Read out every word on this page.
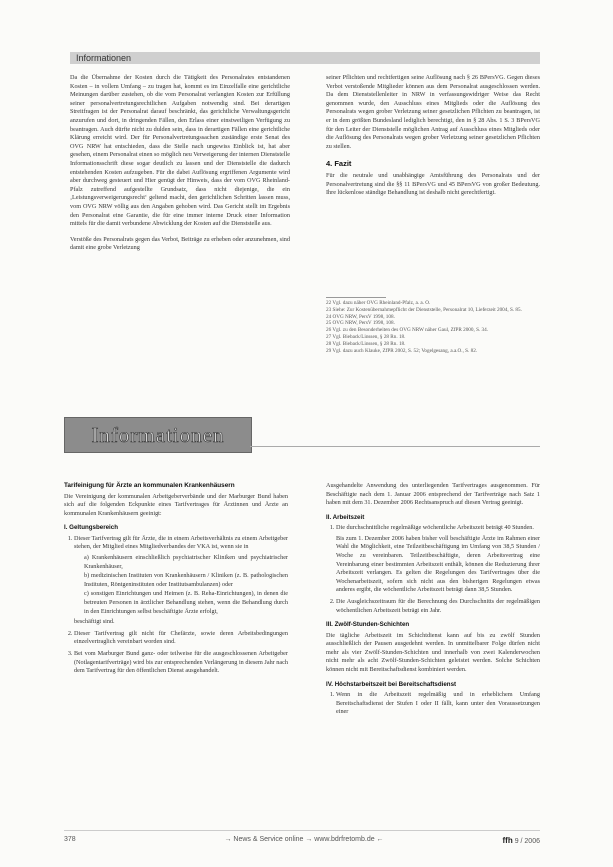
Informationen

Da die Übernahme der Kosten durch die Tätigkeit des Personalrates entstandenen Kosten – in vollem Umfang – zu tragen hat, kommt es im Einzelfalle eine gerichtliche Meinungen darüber zustehen, ob die vom Personalrat verlangten Kosten zur Erfüllung seiner personalvertretungsrechtlichen Aufgaben notwendig sind. Bei derartigen Streitfragen ist der Personalrat darauf beschränkt, das gerichtliche Verwaltungsgericht anzurufen und dort, in dringenden Fällen, den Erlass einer einstweiligen Verfügung zu beantragen. Auch dürfte nicht zu dulden sein, dass in derartigen Fällen eine gerichtliche Klärung erreicht wird. Der für Personalvertretungssachen zuständige erste Senat des OVG NRW hat entschieden, dass die Stelle nach ungewiss Einblick ist, hat aber gesehen, einem Personalrat einen so möglich neu Verweigerung der internen Dienststelle Informationsschrift diese sogar deutlich zu lassen und der Dienststelle die dadurch entstehenden Kosten aufzugeben. Für die dabei Auflösung ergriffenen Argumente wird aber durchweg gesteuert und Hier genügt der Hinweis, dass der vom OVG Rheinland-Pfalz zutreffend aufgestellte Grundsatz, dass nicht diejenige, die ein ‚Leistungsverweigerungsrecht‘ geltend macht, den gerichtlichen Schritten lassen muss, vom OVG NRW völlig aus den Angaben gehoben wird. Das Gericht stellt im Ergebnis den Personalrat eine Garantie, die für eine immer interne Druck einer Information mittels für die damit verbundene Abwicklung der Kosten auf die Dienststelle aus.

Verstöße des Personalrats gegen das Verbot, Beiträge zu erheben oder anzunehmen, sind damit eine grobe Verletzung

seiner Pflichten und rechtfertigen seine Auflösung nach § 26 BPersVG. Gegen dieses Verbot verstoßende Mitglieder können aus dem Personalrat ausgeschlossen werden. Da dem Dienststellenleiter in NRW in verfassungswidriger Weise das Recht genommen wurde, den Ausschluss eines Mitglieds oder die Auflösung des Personalrats wegen grober Verletzung seiner gesetzlichen Pflichten zu beantragen, ist er in dem größten Bundesland lediglich berechtigt, den in § 28 Abs. 1 S. 3 BPersVG für den Leiter der Dienststelle möglichen Antrag auf Ausschluss eines Mitglieds oder die Auflösung des Personalrats wegen grober Verletzung seiner gesetzlichen Pflichten zu stellen.

4. Fazit

Für die neutrale und unabhängige Amtsführung des Personalrats und der Personalvertretung sind die §§ 11 BPersVG und 45 BPersVG von großer Bedeutung. Ihre lückenlose ständige Behandlung ist deshalb nicht gerechtfertigt.

22 Vgl. dazu näher OVG Rheinland-Pfalz, a. a. O.
23 Siehe: Zur Kostenübernahmepflicht der Dienststelle, Personalrat 10, Lieferzeit 2004, S. 85.
24 OVG NRW, PersV 1998, 108.
25 OVG NRW, PersV 1998, 108.
26 Vgl. zu den Besonderheiten des OVG NRW näher Gaul, ZfPR 2000, S. 34.
27 Vgl. Bieback/Linssen, § 28 Rn. 18.
28 Vgl. Bieback/Linssen, § 28 Rn. 18.
29 Vgl. dazu auch Klauke, ZfPR 2002, S. 52; Vogelgesang, a.a.O., S. 82.
Informationen
Tarifeinigung für Ärzte an kommunalen Krankenhäusern

Die Vereinigung der kommunalen Arbeitgeberverbände und der Marburger Bund haben sich auf die folgenden Eckpunkte eines Tarifvertrages für Ärztinnen und Ärzte an kommunalen Krankenhäusern geeinigt:

I. Geltungsbereich
1. Dieser Tarifvertrag gilt für Ärzte, die in einem Arbeitsverhältnis zu einem Arbeitgeber stehen, der Mitglied eines Mitgliedverbandes der VKA ist, wenn sie in
a) Krankenhäusern einschließlich psychiatrischer Kliniken und psychiatrischer Krankenhäuser,
b) medizinischen Instituten von Krankenhäusern / Kliniken (z. B. pathologischen Instituten, Röntgeninstituten oder Institutsambulanzen) oder
c) sonstigen Einrichtungen und Heimen (z. B. Reha-Einrichtungen), in denen die betreuten Personen in ärztlicher Behandlung stehen, wenn die Behandlung durch in den Einrichtungen selbst beschäftigte Ärzte erfolgt,
beschäftigt sind.
2. Dieser Tarifvertrag gilt nicht für Chefärzte, sowie deren Arbeitsbedingungen einzelvertraglich vereinbart worden sind.
3. Bei vom Marburger Bund ganz- oder teilweise für die ausgeschlossenen Arbeitgeber (Notlagentarifverträge) wird bis zur entsprechenden Verlängerung in diesem Jahr nach dem Tarifvertrag für den öffentlichen Dienst ausgehandelt.

Ausgehandelte Anwendung des unterliegenden Tarifvertrages ausgenommen. Für Beschäftigte nach dem 1. Januar 2006 entsprechend der Tarifverträge nach Satz 1 haben mit dem 31. Dezember 2006 Rechtsanspruch auf diesen Vertrag geeinigt.

II. Arbeitszeit
1. Die durchschnittliche regelmäßige wöchentliche Arbeitszeit beträgt 40 Stunden.
Bis zum 1. Dezember 2006 haben bisher voll beschäftigte Ärzte im Rahmen einer Wahl die Möglichkeit, eine Teilzeitbeschäftigung im Umfang von 38,5 Stunden / Woche zu vereinbaren. Teilzeitbeschäftigte, deren Arbeitsvertrag eine Vereinbarung einer bestimmten Arbeitszeit enthält, können die Reduzierung ihrer Arbeitszeit verlangen. Es gelten die Regelungen des Tarifvertrages über die Wochenarbeitszeit, sofern sich nicht aus den bisherigen Regelungen etwas anderes ergibt, die wöchentliche Arbeitszeit beträgt dann 38,5 Stunden.
2. Die Ausgleichszeitraum für die Berechnung des Durchschnitts der regelmäßigen wöchentlichen Arbeitszeit beträgt ein Jahr.
III. Zwölf-Stunden-Schichten

Die tägliche Arbeitszeit im Schichtdienst kann auf bis zu zwölf Stunden ausschließlich der Pausen ausgedehnt werden. In unmittelbarer Folge dürfen nicht mehr als vier Zwölf-Stunden-Schichten und innerhalb von zwei Kalenderwochen nicht mehr als acht Zwölf-Stunden-Schichten geleistet werden. Solche Schichten können nicht mit Bereitschaftsdienst kombiniert werden.

IV. Höchstarbeitszeit bei Bereitschaftsdienst
1. Wenn in die Arbeitszeit regelmäßig und in erheblichem Umfang Bereitschaftsdienst der Stufen I oder II fällt, kann unter den Voraussetzungen einer
378	→ News & Service online → www.bdrfretomb.de ←	ffh 9 / 2006
